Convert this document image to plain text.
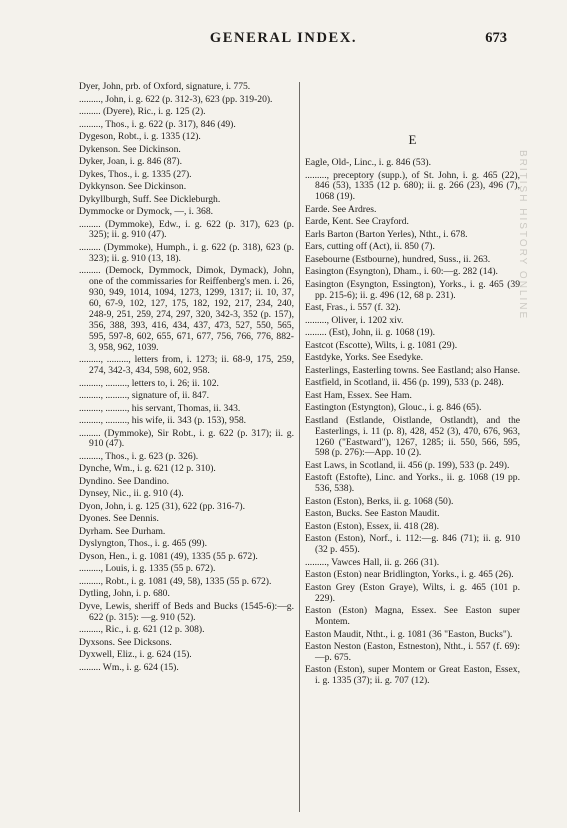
GENERAL INDEX.	673
BRITISH HISTORY ONLINE

Dyer, John, prb. of Oxford, signature, i. 775.

........., John, i. g. 622 (p. 312-3), 623 (pp. 319-20).

......... (Dyere), Ric., i. g. 125 (2).

........., Thos., i. g. 622 (p. 317), 846 (49).

Dygeson, Robt., i. g. 1335 (12).

Dykenson. See Dickinson.

Dyker, Joan, i. g. 846 (87).

Dykes, Thos., i. g. 1335 (27).

Dykkynson. See Dickinson.

Dykyllburgh, Suff. See Dickleburgh.

Dymmocke or Dymock, —, i. 368.

......... (Dymmoke), Edw., i. g. 622 (p. 317), 623 (p. 325); ii. g. 910 (47).

......... (Dymmoke), Humph., i. g. 622 (p. 318), 623 (p. 323); ii. g. 910 (13, 18).

......... (Demock, Dymmock, Dimok, Dymack), John, one of the commissaries for Reiffenberg's men. i. 26, 930, 949, 1014, 1094, 1273, 1299, 1317; ii. 10, 37, 60, 67-9, 102, 127, 175, 182, 192, 217, 234, 240, 248-9, 251, 259, 274, 297, 320, 342-3, 352 (p. 157), 356, 388, 393, 416, 434, 437, 473, 527, 550, 565, 595, 597-8, 602, 655, 671, 677, 756, 766, 776, 882-3, 958, 962, 1039.

........., ........., letters from, i. 1273; ii. 68-9, 175, 259, 274, 342-3, 434, 598, 602, 958.

........., ........., letters to, i. 26; ii. 102.

........., ........., signature of, ii. 847.

........., ........., his servant, Thomas, ii. 343.

........., ........., his wife, ii. 343 (p. 153), 958.

......... (Dymmoke), Sir Robt., i. g. 622 (p. 317); ii. g. 910 (47).

........., Thos., i. g. 623 (p. 326).

Dynche, Wm., i. g. 621 (12 p. 310).

Dyndino. See Dandino.

Dynsey, Nic., ii. g. 910 (4).

Dyon, John, i. g. 125 (31), 622 (pp. 316-7).

Dyones. See Dennis.

Dyrham. See Durham.

Dyslyngton, Thos., i. g. 465 (99).

Dyson, Hen., i. g. 1081 (49), 1335 (55 p. 672).

........., Louis, i. g. 1335 (55 p. 672).

........., Robt., i. g. 1081 (49, 58), 1335 (55 p. 672).

Dytling, John, i. p. 680.

Dyve, Lewis, sheriff of Beds and Bucks (1545-6):—g. 622 (p. 315): —g. 910 (52).

........., Ric., i. g. 621 (12 p. 308).

Dyxsons. See Dicksons.

Dyxwell, Eliz., i. g. 624 (15).

......... Wm., i. g. 624 (15).

E

Eagle, Old-, Linc., i. g. 846 (53).

........., preceptory (supp.), of St. John, i. g. 465 (22), 846 (53), 1335 (12 p. 680); ii. g. 266 (23), 496 (7), 1068 (19).

Earde. See Ardres.

Earde, Kent. See Crayford.

Earls Barton (Barton Yerles), Ntht., i. 678.

Ears, cutting off (Act), ii. 850 (7).

Easebourne (Estbourne), hundred, Suss., ii. 263.

Easington (Esyngton), Dham., i. 60:—g. 282 (14).

Easington (Esyngton, Essington), Yorks., i. g. 465 (39 pp. 215-6); ii. g. 496 (12, 68 p. 231).

East, Fras., i. 557 (f. 32).

........., Oliver, i. 1202 xiv.

......... (Est), John, ii. g. 1068 (19).

Eastcot (Escotte), Wilts, i. g. 1081 (29).

Eastdyke, Yorks. See Esedyke.

Easterlings, Easterling towns. See Eastland; also Hanse.

Eastfield, in Scotland, ii. 456 (p. 199), 533 (p. 248).

East Ham, Essex. See Ham.

Eastington (Estyngton), Glouc., i. g. 846 (65).

Eastland (Estlande, Oistlande, Ostlandt), and the Easterlings, i. 11 (p. 8), 428, 452 (3), 470, 676, 963, 1260 ("Eastward"), 1267, 1285; ii. 550, 566, 595, 598 (p. 276):—App. 10 (2).

East Laws, in Scotland, ii. 456 (p. 199), 533 (p. 249).

Eastoft (Estofte), Linc. and Yorks., ii. g. 1068 (19 pp. 536, 538).

Easton (Eston), Berks, ii. g. 1068 (50).

Easton, Bucks. See Easton Maudit.

Easton (Eston), Essex, ii. 418 (28).

Easton (Eston), Norf., i. 112:—g. 846 (71); ii. g. 910 (32 p. 455).

........., Vawces Hall, ii. g. 266 (31).

Easton (Eston) near Bridlington, Yorks., i. g. 465 (26).

Easton Grey (Eston Graye), Wilts, i. g. 465 (101 p. 229).

Easton (Eston) Magna, Essex. See Easton super Montem.

Easton Maudit, Ntht., i. g. 1081 (36 "Easton, Bucks").

Easton Neston (Easton, Estneston), Ntht., i. 557 (f. 69):—p. 675.

Easton (Eston), super Montem or Great Easton, Essex, i. g. 1335 (37); ii. g. 707 (12).
